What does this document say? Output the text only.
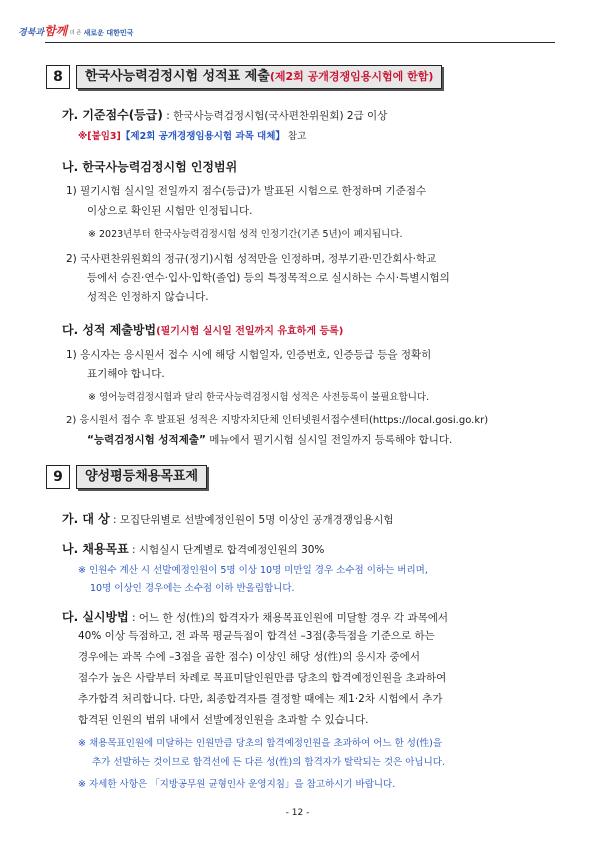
경북과함께 더 큰 새로운 대한민국
8	한국사능력검정시험 성적표 제출(제2회 공개경쟁임용시험에 한함)
가. 기준점수(등급) : 한국사능력검정시험(국사편찬위원회) 2급 이상
※[붙임3]【제2회 공개경쟁임용시험 과목 대체】 참고
나. 한국사능력검정시험 인정범위
1) 필기시험 실시일 전일까지 점수(등급)가 발표된 시험으로 한정하며 기준점수
이상으로 확인된 시험만 인정됩니다.
※ 2023년부터 한국사능력검정시험 성적 인정기간(기존 5년)이 폐지됩니다.
2) 국사편찬위원회의 정규(정기)시험 성적만을 인정하며, 정부기관·민간회사·학교
등에서 승진·연수·입사·입학(졸업) 등의 특정목적으로 실시하는 수시·특별시험의
성적은 인정하지 않습니다.
다. 성적 제출방법(필기시험 실시일 전일까지 유효하게 등록)
1) 응시자는 응시원서 접수 시에 해당 시험일자, 인증번호, 인증등급 등을 정확히
표기해야 합니다.
※ 영어능력검정시험과 달리 한국사능력검정시험 성적은 사전등록이 불필요합니다.
2) 응시원서 접수 후 발표된 성적은 지방자치단체 인터넷원서접수센터(https://local.gosi.go.kr)
“능력검정시험 성적제출” 메뉴에서 필기시험 실시일 전일까지 등록해야 합니다.
9	양성평등채용목표제
가. 대 상 : 모집단위별로 선발예정인원이 5명 이상인 공개경쟁임용시험
나. 채용목표 : 시험실시 단계별로 합격예정인원의 30%
※ 인원수 계산 시 선발예정인원이 5명 이상 10명 미만일 경우 소수점 이하는 버리며,
10명 이상인 경우에는 소수점 이하 반올림합니다.
다. 실시방법 : 어느 한 성(性)의 합격자가 채용목표인원에 미달할 경우 각 과목에서
40% 이상 득점하고, 전 과목 평균득점이 합격선 –3점(총득점을 기준으로 하는
경우에는 과목 수에 –3점을 곱한 점수) 이상인 해당 성(性)의 응시자 중에서
점수가 높은 사람부터 차례로 목표미달인원만큼 당초의 합격예정인원을 초과하여
추가합격 처리합니다. 다만, 최종합격자를 결정할 때에는 제1·2차 시험에서 추가
합격된 인원의 범위 내에서 선발예정인원을 초과할 수 있습니다.
※ 채용목표인원에 미달하는 인원만큼 당초의 합격예정인원을 초과하여 어느 한 성(性)을
추가 선발하는 것이므로 합격선에 든 다른 성(性)의 합격자가 탈락되는 것은 아닙니다.
※ 자세한 사항은 「지방공무원 균형인사 운영지침」을 참고하시기 바랍니다.
- 12 -
